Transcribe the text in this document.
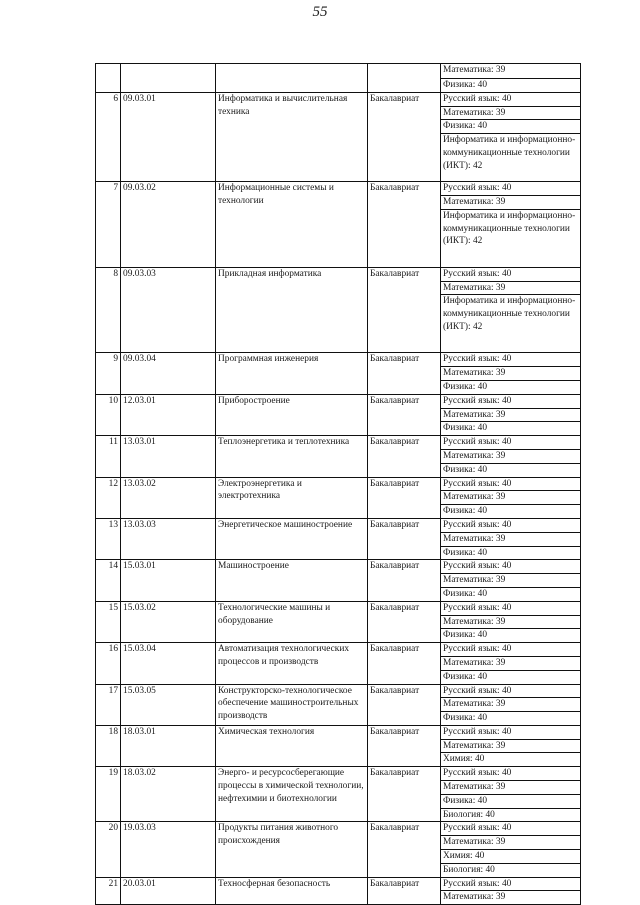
55
				Математика: 39
				Физика: 40
6	09.03.01	Информатика и вычислительная техника	Бакалавриат	Русский язык: 40
				Математика: 39
				Физика: 40
				Информатика и информационно-коммуникационные технологии (ИКТ): 42
7	09.03.02	Информационные системы и технологии	Бакалавриат	Русский язык: 40
				Математика: 39
				Информатика и информационно-коммуникационные технологии (ИКТ): 42
8	09.03.03	Прикладная информатика	Бакалавриат	Русский язык: 40
				Математика: 39
				Информатика и информационно-коммуникационные технологии (ИКТ): 42
9	09.03.04	Программная инженерия	Бакалавриат	Русский язык: 40
				Математика: 39
				Физика: 40
10	12.03.01	Приборостроение	Бакалавриат	Русский язык: 40
				Математика: 39
				Физика: 40
11	13.03.01	Теплоэнергетика и теплотехника	Бакалавриат	Русский язык: 40
				Математика: 39
				Физика: 40
12	13.03.02	Электроэнергетика и электротехника	Бакалавриат	Русский язык: 40
				Математика: 39
				Физика: 40
13	13.03.03	Энергетическое машиностроение	Бакалавриат	Русский язык: 40
				Математика: 39
				Физика: 40
14	15.03.01	Машиностроение	Бакалавриат	Русский язык: 40
				Математика: 39
				Физика: 40
15	15.03.02	Технологические машины и оборудование	Бакалавриат	Русский язык: 40
				Математика: 39
				Физика: 40
16	15.03.04	Автоматизация технологических процессов и производств	Бакалавриат	Русский язык: 40
				Математика: 39
				Физика: 40
17	15.03.05	Конструкторско-технологическое обеспечение машиностроительных производств	Бакалавриат	Русский язык: 40
				Математика: 39
				Физика: 40
18	18.03.01	Химическая технология	Бакалавриат	Русский язык: 40
				Математика: 39
				Химия: 40
19	18.03.02	Энерго- и ресурсосберегающие процессы в химической технологии, нефтехимии и биотехнологии	Бакалавриат	Русский язык: 40
				Математика: 39
				Физика: 40
				Биология: 40
20	19.03.03	Продукты питания животного происхождения	Бакалавриат	Русский язык: 40
				Математика: 39
				Химия: 40
				Биология: 40
21	20.03.01	Техносферная безопасность	Бакалавриат	Русский язык: 40
				Математика: 39
